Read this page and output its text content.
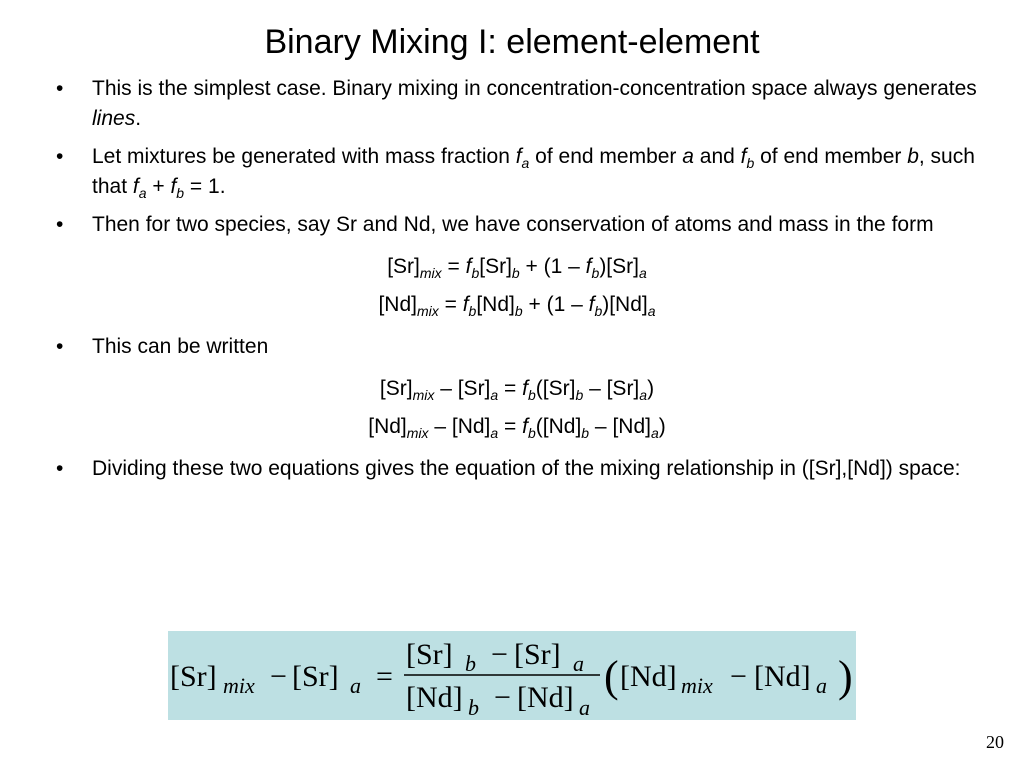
Binary Mixing I: element-element
• This is the simplest case. Binary mixing in concentration-concentration space always generates lines.
• Let mixtures be generated with mass fraction $f_a$ of end member a and $f_b$ of end member b, such that $f_a + f_b = 1$.
• Then for two species, say Sr and Nd, we have conservation of atoms and mass in the form
$[Sr]_{mix} = f_b[Sr]_b + (1 - f_b)[Sr]_a$
$[Nd]_{mix} = f_b[Nd]_b + (1 - f_b)[Nd]_a$
• This can be written
$[Sr]_{mix} - [Sr]_a = f_b([Sr]_b - [Sr]_a)$
$[Nd]_{mix} - [Nd]_a = f_b([Nd]_b - [Nd]_a)$
• Dividing these two equations gives the equation of the mixing relationship in ([Sr],[Nd]) space:
[Sr] mix − [Sr] a =
[Sr] b − [Sr] a
[Nd] b − [Nd] a
( [Nd] mix − [Nd] a )
20
